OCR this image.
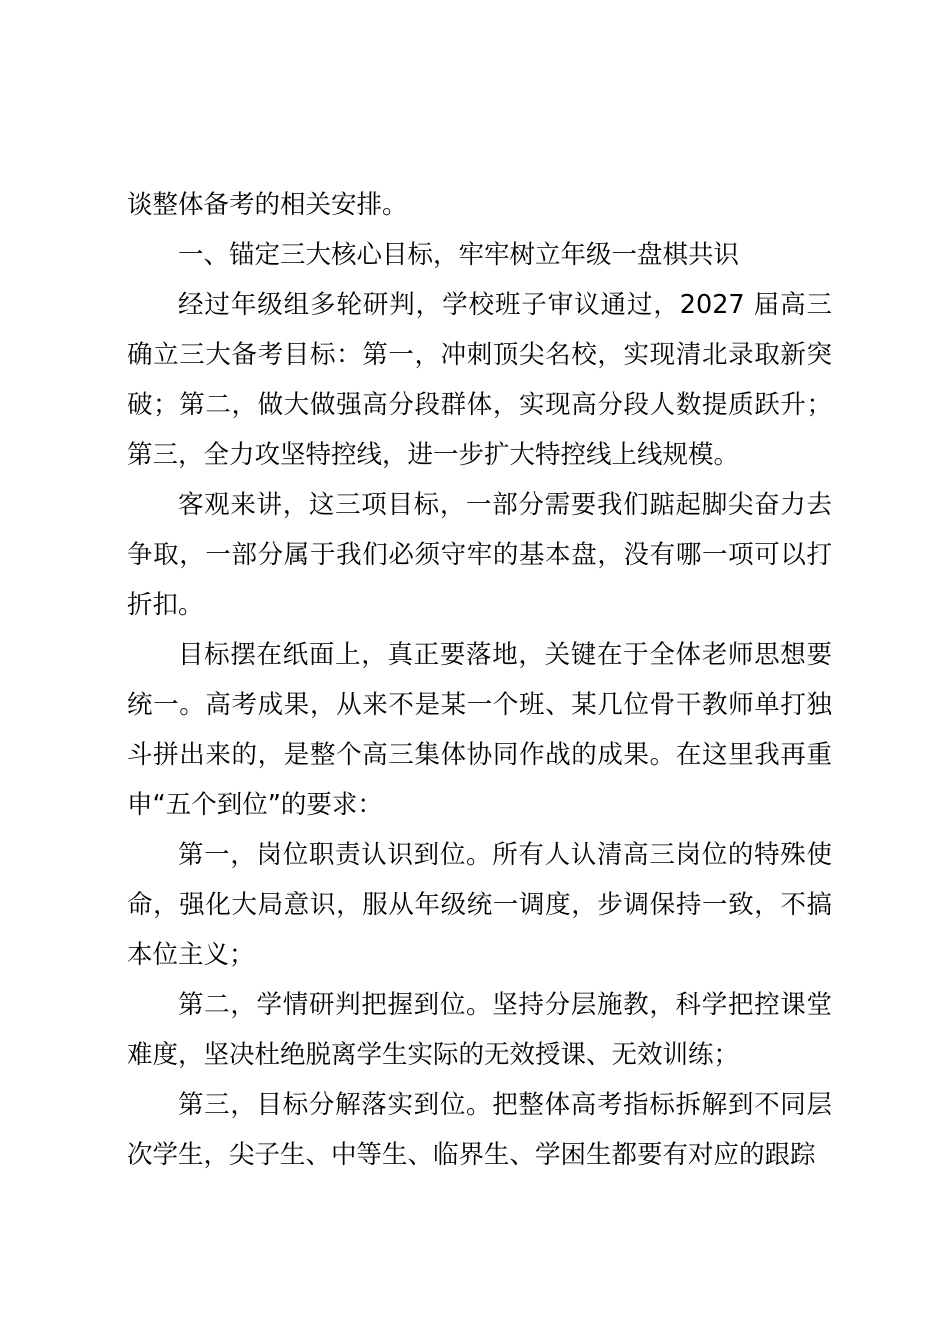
谈整体备考的相关安排。

一、锚定三大核心目标，牢牢树立年级一盘棋共识

经过年级组多轮研判，学校班子审议通过，2027 届高三确立三大备考目标：第一，冲刺顶尖名校，实现清北录取新突破；第二，做大做强高分段群体，实现高分段人数提质跃升；第三，全力攻坚特控线，进一步扩大特控线上线规模。

客观来讲，这三项目标，一部分需要我们踮起脚尖奋力去争取，一部分属于我们必须守牢的基本盘，没有哪一项可以打折扣。

目标摆在纸面上，真正要落地，关键在于全体老师思想要统一。高考成果，从来不是某一个班、某几位骨干教师单打独斗拼出来的，是整个高三集体协同作战的成果。在这里我再重申“五个到位”的要求：

第一，岗位职责认识到位。所有人认清高三岗位的特殊使命，强化大局意识，服从年级统一调度，步调保持一致，不搞本位主义；

第二，学情研判把握到位。坚持分层施教，科学把控课堂难度，坚决杜绝脱离学生实际的无效授课、无效训练；

第三，目标分解落实到位。把整体高考指标拆解到不同层次学生，尖子生、中等生、临界生、学困生都要有对应的跟踪
